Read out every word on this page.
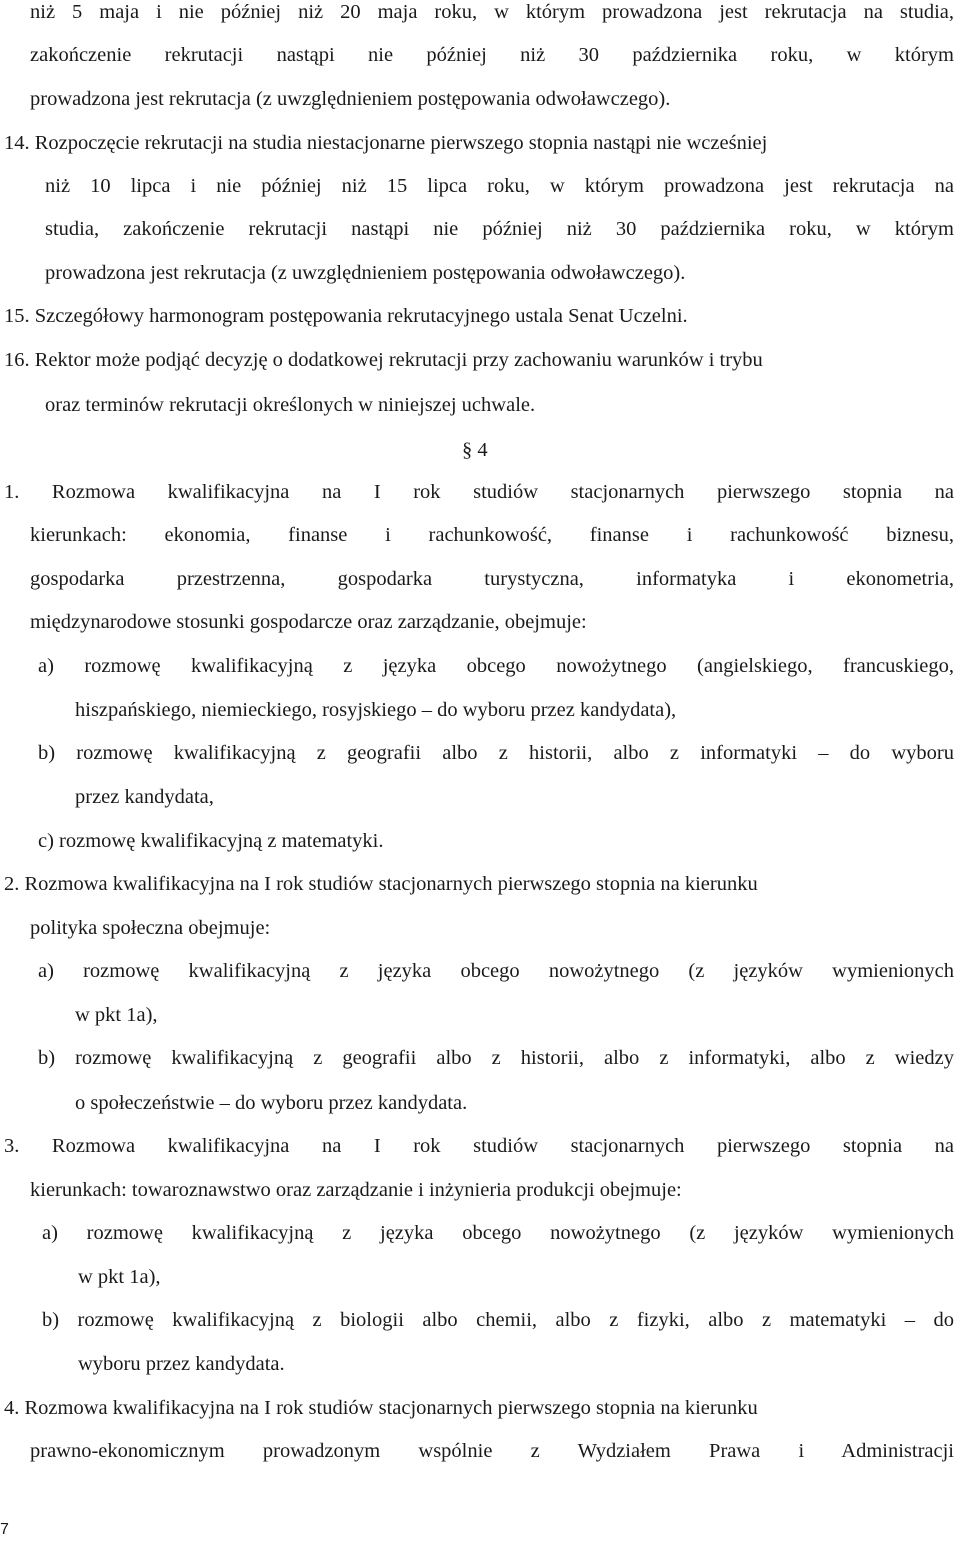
niż 5 maja i nie później niż 20 maja roku, w którym prowadzona jest rekrutacja na studia,
zakończenie rekrutacji nastąpi nie później niż 30 października roku, w którym
prowadzona jest rekrutacja (z uwzględnieniem postępowania odwoławczego).
14. Rozpoczęcie rekrutacji na studia niestacjonarne pierwszego stopnia nastąpi nie wcześniej
niż 10 lipca i nie później niż 15 lipca roku, w którym prowadzona jest rekrutacja na
studia, zakończenie rekrutacji nastąpi nie później niż 30 października roku, w którym
prowadzona jest rekrutacja (z uwzględnieniem postępowania odwoławczego).
15. Szczegółowy harmonogram postępowania rekrutacyjnego ustala Senat Uczelni.
16. Rektor może podjąć decyzję o dodatkowej rekrutacji przy zachowaniu warunków i trybu
oraz terminów rekrutacji określonych w niniejszej uchwale.
§ 4
1. Rozmowa kwalifikacyjna na I rok studiów stacjonarnych pierwszego stopnia na
kierunkach: ekonomia, finanse i rachunkowość, finanse i rachunkowość biznesu,
gospodarka przestrzenna, gospodarka turystyczna, informatyka i ekonometria,
międzynarodowe stosunki gospodarcze oraz zarządzanie, obejmuje:
a) rozmowę kwalifikacyjną z języka obcego nowożytnego (angielskiego, francuskiego,
hiszpańskiego, niemieckiego, rosyjskiego – do wyboru przez kandydata),
b) rozmowę kwalifikacyjną z geografii albo z historii, albo z informatyki – do wyboru
przez kandydata,
c) rozmowę kwalifikacyjną z matematyki.
2. Rozmowa kwalifikacyjna na I rok studiów stacjonarnych pierwszego stopnia na kierunku
polityka społeczna obejmuje:
a) rozmowę kwalifikacyjną z języka obcego nowożytnego (z języków wymienionych
w pkt 1a),
b) rozmowę kwalifikacyjną z geografii albo z historii, albo z informatyki, albo z wiedzy
o społeczeństwie – do wyboru przez kandydata.
3. Rozmowa kwalifikacyjna na I rok studiów stacjonarnych pierwszego stopnia na
kierunkach: towaroznawstwo oraz zarządzanie i inżynieria produkcji obejmuje:
a) rozmowę kwalifikacyjną z języka obcego nowożytnego (z języków wymienionych
w pkt 1a),
b) rozmowę kwalifikacyjną z biologii albo chemii, albo z fizyki, albo z matematyki – do
wyboru przez kandydata.
4. Rozmowa kwalifikacyjna na I rok studiów stacjonarnych pierwszego stopnia na kierunku
prawno-ekonomicznym prowadzonym wspólnie z Wydziałem Prawa i Administracji
7
